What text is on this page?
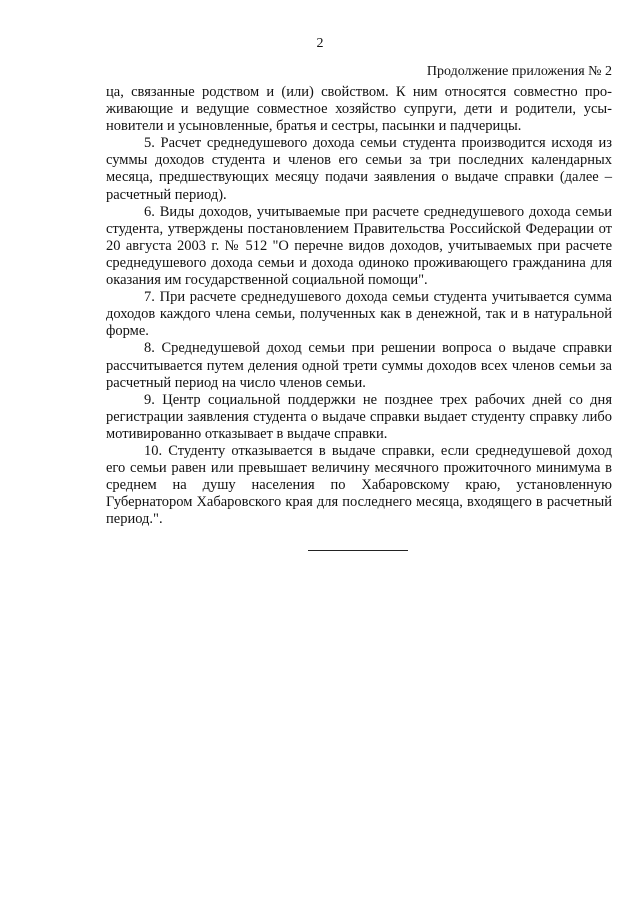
2
Продолжение приложения № 2

ца, связанные родством и (или) свойством. К ним относятся совместно проживающие и ведущие совместное хозяйство супруги, дети и родители, усыновители и усыновленные, братья и сестры, пасынки и падчерицы.

5. Расчет среднедушевого дохода семьи студента производится исходя из суммы доходов студента и членов его семьи за три последних календарных месяца, предшествующих месяцу подачи заявления о выдаче справки (далее – расчетный период).

6. Виды доходов, учитываемые при расчете среднедушевого дохода семьи студента, утверждены постановлением Правительства Российской Федерации от 20 августа 2003 г. № 512 "О перечне видов доходов, учитываемых при расчете среднедушевого дохода семьи и дохода одиноко проживающего гражданина для оказания им государственной социальной помощи".

7. При расчете среднедушевого дохода семьи студента учитывается сумма доходов каждого члена семьи, полученных как в денежной, так и в натуральной форме.

8. Среднедушевой доход семьи при решении вопроса о выдаче справки рассчитывается путем деления одной трети суммы доходов всех членов семьи за расчетный период на число членов семьи.

9. Центр социальной поддержки не позднее трех рабочих дней со дня регистрации заявления студента о выдаче справки выдает студенту справку либо мотивированно отказывает в выдаче справки.

10. Студенту отказывается в выдаче справки, если среднедушевой доход его семьи равен или превышает величину месячного прожиточного минимума в среднем на душу населения по Хабаровскому краю, установленную Губернатором Хабаровского края для последнего месяца, входящего в расчетный период.".
